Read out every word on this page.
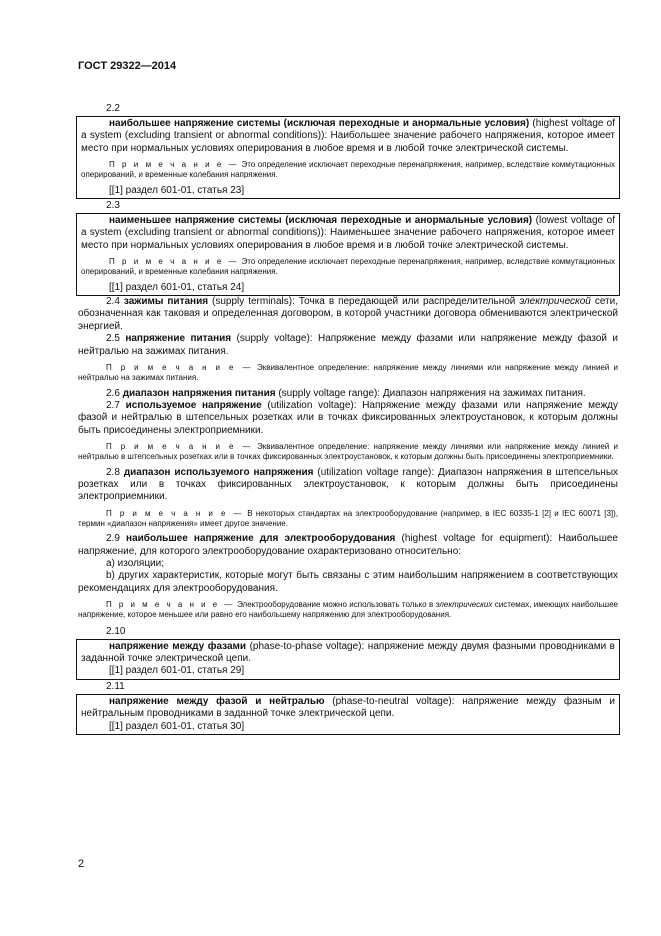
ГОСТ 29322—2014
2.2

наибольшее напряжение системы (исключая переходные и анормальные условия) (highest voltage of a system (excluding transient or abnormal conditions)): Наибольшее значение рабочего напряжения, которое имеет место при нормальных условиях оперирования в любое время и в любой точке электрической системы.

П р и м е ч а н и е — Это определение исключает переходные перенапряжения, например, вследствие коммутационных оперирований, и временные колебания напряжения.

[[1] раздел 601-01, статья 23]

2.3

наименьшее напряжение системы (исключая переходные и анормальные условия) (lowest voltage of a system (excluding transient or abnormal conditions)): Наименьшее значение рабочего напряжения, которое имеет место при нормальных условиях оперирования в любое время и в любой точке электрической системы.

П р и м е ч а н и е — Это определение исключает переходные перенапряжения, например, вследствие коммутационных оперирований, и временные колебания напряжения.

[[1] раздел 601-01, статья 24]

2.4 зажимы питания (supply terminals): Точка в передающей или распределительной электрической сети, обозначенная как таковая и определенная договором, в которой участники договора обмениваются электрической энергией.

2.5 напряжение питания (supply voltage): Напряжение между фазами или напряжение между фазой и нейтралью на зажимах питания.

П р и м е ч а н и е — Эквивалентное определение: напряжение между линиями или напряжение между линией и нейтралью на зажимах питания.

2.6 диапазон напряжения питания (supply voltage range): Диапазон напряжения на зажимах питания.

2.7 используемое напряжение (utilization voltage): Напряжение между фазами или напряжение между фазой и нейтралью в штепсельных розетках или в точках фиксированных электроустановок, к которым должны быть присоединены электроприемники.

П р и м е ч а н и е — Эквивалентное определение: напряжение между линиями или напряжение между линией и нейтралью в штепсельных розетках или в точках фиксированных электроустановок, к которым должны быть присоединены электроприемники.

2.8 диапазон используемого напряжения (utilization voltage range): Диапазон напряжения в штепсельных розетках или в точках фиксированных электроустановок, к которым должны быть присоединены электроприемники.

П р и м е ч а н и е — В некоторых стандартах на электрооборудование (например, в IEC 60335-1 [2] и IEC 60071 [3]), термин «диапазон напряжения» имеет другое значение.

2.9 наибольшее напряжение для электрооборудования (highest voltage for equipment): Наибольшее напряжение, для которого электрооборудование охарактеризовано относительно:

a) изоляции;

b) других характеристик, которые могут быть связаны с этим наибольшим напряжением в соответствующих рекомендациях для электрооборудования.

П р и м е ч а н и е — Электрооборудование можно использовать только в электрических системах, имеющих наибольшее напряжение, которое меньшее или равно его наибольшему напряжению для электрооборудования.

2.10

напряжение между фазами (phase-to-phase voltage): напряжение между двумя фазными проводниками в заданной точке электрической цепи.

[[1] раздел 601-01, статья 29]

2.11

напряжение между фазой и нейтралью (phase-to-neutral voltage): напряжение между фазным и нейтральным проводниками в заданной точке электрической цепи.

[[1] раздел 601-01, статья 30]

2
